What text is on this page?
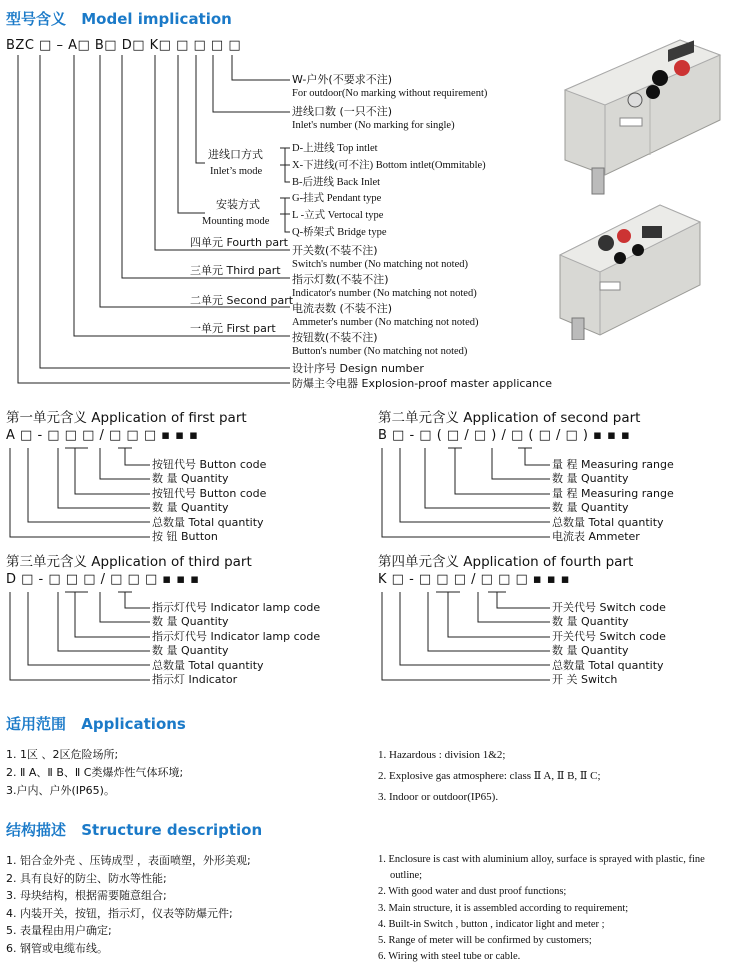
型号含义 Model implication
BZC □ – A□ B□ D□ K□ □ □ □ □
W-户外(不要求不注)
For outdoor(No marking without requirement)
进线口数 (一只不注)
Inlet's number (No marking for single)
进线口方式
Inlet’s mode
D-上进线 Top intlet
X-下进线(可不注) Bottom intlet(Ommitable)
B-后进线 Back Inlet
安装方式
Mounting mode
G-挂式 Pendant type
L -立式 Vertocal type
Q-桥架式 Bridge type
四单元 Fourth part
开关数(不装不注)
Switch's number (No matching not noted)
三单元 Third part
指示灯数(不装不注)
Indicator's number (No matching not noted)
二单元 Second part
电流表数 (不装不注)
Ammeter's number (No matching not noted)
一单元 First part
按钮数(不装不注)
Button's number (No matching not noted)
设计序号 Design number
防爆主令电器 Explosion-proof master applicance
第一单元含义 Application of first part
A □ - □ □ □ / □ □ □ ▪ ▪ ▪
第二单元含义 Application of second part
B □ - □ ( □ / □ ) / □ ( □ / □ ) ▪ ▪ ▪
第三单元含义 Application of third part
D □ - □ □ □ / □ □ □ ▪ ▪ ▪
第四单元含义 Application of fourth part
K □ - □ □ □ / □ □ □ ▪ ▪ ▪
按钮代号 Button code
数 量 Quantity
按钮代号 Button code
数 量 Quantity
总数量 Total quantity
按 钮 Button
量 程 Measuring range
数 量 Quantity
量 程 Measuring range
数 量 Quantity
总数量 Total quantity
电流表 Ammeter
指示灯代号 Indicator lamp code
数 量 Quantity
指示灯代号 Indicator lamp code
数 量 Quantity
总数量 Total quantity
指示灯 Indicator
开关代号 Switch code
数 量 Quantity
开关代号 Switch code
数 量 Quantity
总数量 Total quantity
开 关 Switch
适用范围 Applications
1. 1区 、2区危险场所;
2. Ⅱ A、Ⅱ B、Ⅱ C类爆炸性气体环境;
3.户内、户外(IP65)。
1. Hazardous : division 1&2;
2. Explosive gas atmosphere: class Ⅱ A, Ⅱ B, Ⅱ C;
3. Indoor or outdoor(IP65).
结构描述 Structure description
1. 铝合金外壳 、压铸成型 ，表面喷塑，外形美观;
2. 具有良好的防尘、防水等性能;
3. 母块结构，根据需要随意组合;
4. 内装开关，按钮，指示灯，仪表等防爆元件;
5. 表量程由用户确定;
6. 钢管或电缆布线。
1. Enclosure is cast with aluminium alloy, surface is sprayed with plastic, fine
outline;
2. With good water and dust proof functions;
3. Main structure, it is assembled according to requirement;
4. Built-in Switch , button , indicator light and meter ;
5. Range of meter will be confirmed by customers;
6. Wiring with steel tube or cable.
